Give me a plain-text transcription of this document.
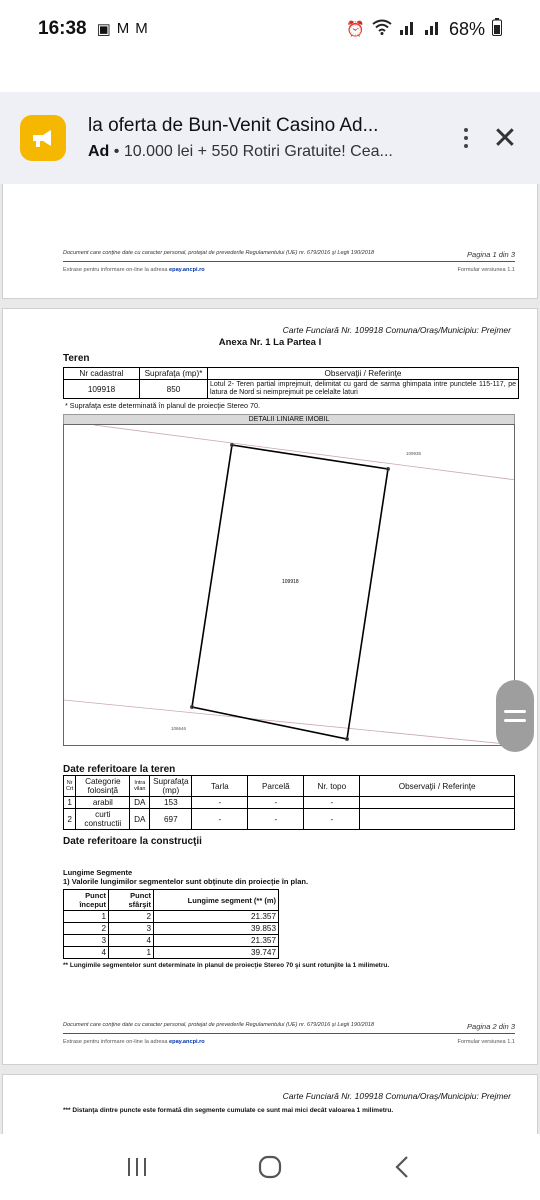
16:38 ▣ M M	⏰	68%
la oferta de Bun-Venit Casino Ad...
Ad • 10.000 lei + 550 Rotiri Gratuite! Cea...	✕
Document care conţine date cu caracter personal, protejat de prevederile Regulamentului (UE) nr. 679/2016 şi Legii 190/2018	Pagina 1 din 3
Extrase pentru informare on-line la adresa epay.ancpi.ro	Formular versiunea 1.1
Carte Funciară Nr. 109918 Comuna/Oraş/Municipiu: Prejmer
Anexa Nr. 1 La Partea I
Teren
Nr cadastral	Suprafaţa (mp)*	Observaţii / Referinţe
109918	850	Lotul 2- Teren partial imprejmuit, delimitat cu gard de sarma ghimpata intre punctele 115-117, pe latura de Nord si neimprejmuit pe celelalte laturi
* Suprafaţa este determinată în planul de proiecţie Stereo 70.
DETALII LINIARE IMOBIL
109918
109935
106646
Date referitoare la teren
Nr Crt	Categorie folosinţă	Intra vilan	Suprafaţa (mp)	Tarla	Parcelă	Nr. topo	Observaţii / Referinţe
1	arabil	DA	153	-	-	-	
2	curti constructii	DA	697	-	-	-	
Date referitoare la construcţii
Lungime Segmente
1) Valorile lungimilor segmentelor sunt obţinute din proiecţie în plan.
Punct început	Punct sfârşit	Lungime segment (** (m)
1	2	21.357
2	3	39.853
3	4	21.357
4	1	39.747
** Lungimile segmentelor sunt determinate în planul de proiecţie Stereo 70 şi sunt rotunjite la 1 milimetru.
Document care conţine date cu caracter personal, protejat de prevederile Regulamentului (UE) nr. 679/2016 şi Legii 190/2018	Pagina 2 din 3
Extrase pentru informare on-line la adresa epay.ancpi.ro	Formular versiunea 1.1
Carte Funciară Nr. 109918 Comuna/Oraş/Municipiu: Prejmer
*** Distanţa dintre puncte este formată din segmente cumulate ce sunt mai mici decât valoarea 1 milimetru.
